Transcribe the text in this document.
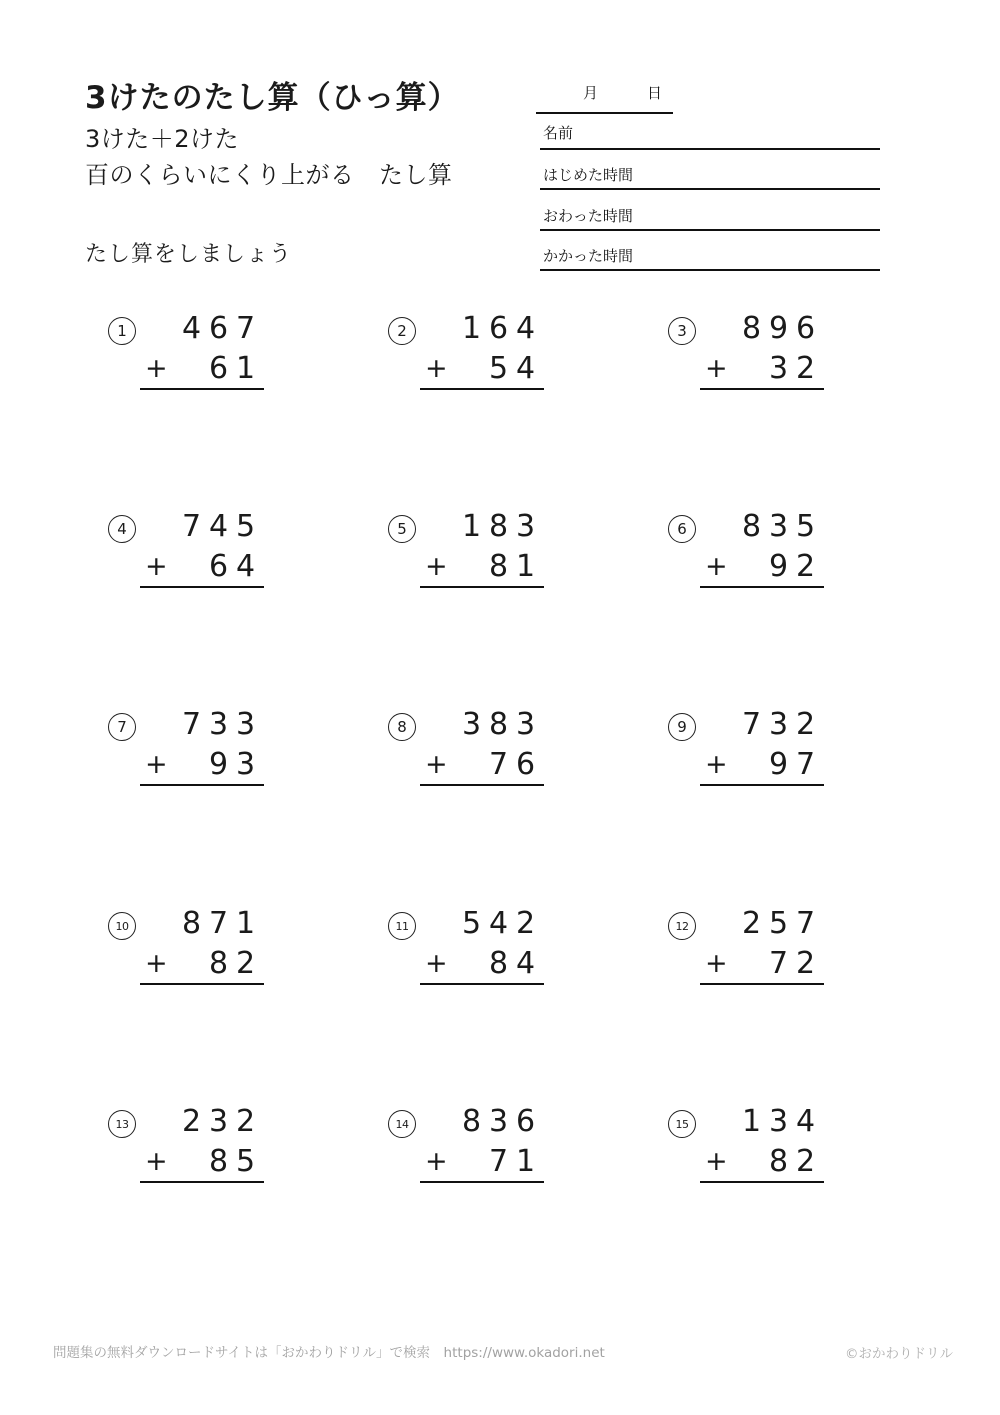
3けたのたし算（ひっ算）
3けた＋2けた
百のくらいにくり上がる　たし算
たし算をしましょう
月	日
名前
はじめた時間
おわった時間
かかった時間
1	4 6 7
6 1
+
2	1 6 4
5 4
+
3	8 9 6
3 2
+
4	7 4 5
6 4
+
5	1 8 3
8 1
+
6	8 3 5
9 2
+
7	7 3 3
9 3
+
8	3 8 3
7 6
+
9	7 3 2
9 7
+
10 8 7 1
8 2
+
11 5 4 2
8 4
+
12 2 5 7
7 2
+
13 2 3 2
8 5
+
14 8 3 6
7 1
+
15 1 3 4
8 2
+
問題集の無料ダウンロードサイトは「おかわりドリル」で検索　https://www.okadori.net	©おかわりドリル
